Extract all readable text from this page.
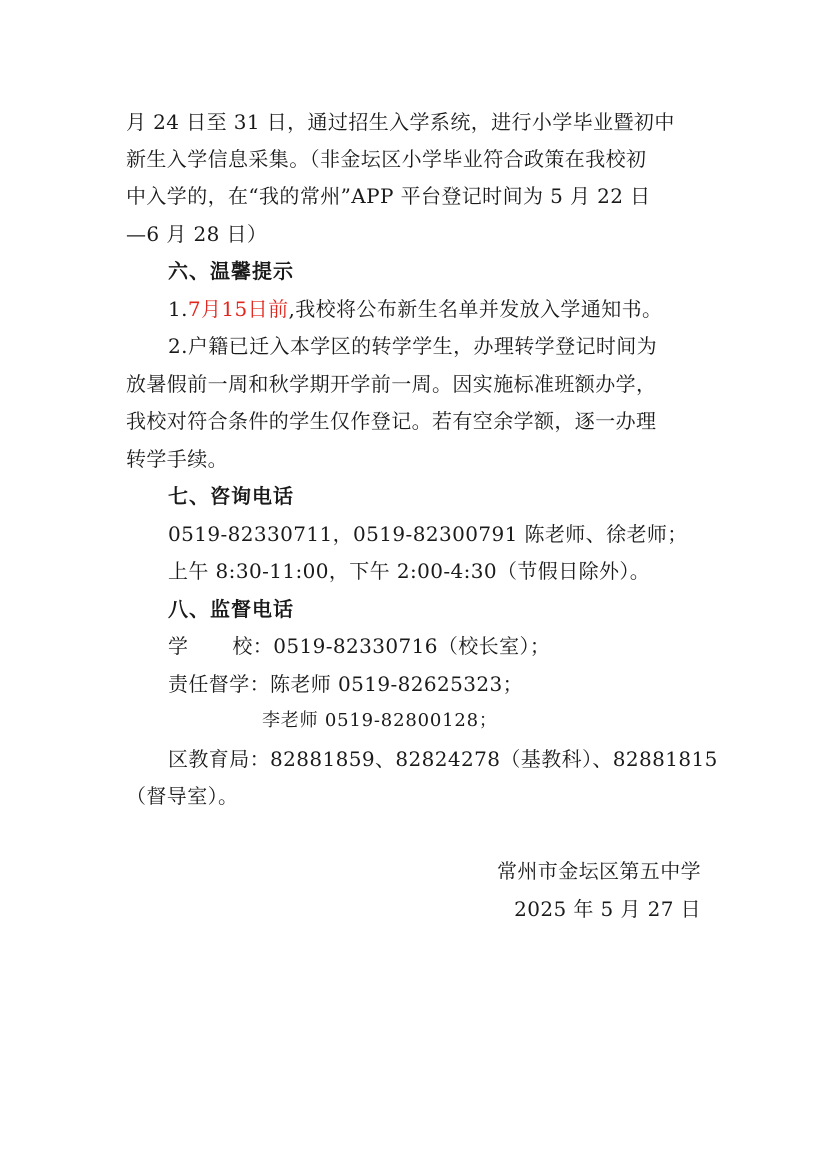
月 24 日至 31 日，通过招生入学系统，进行小学毕业暨初中
新生入学信息采集。（非金坛区小学毕业符合政策在我校初
中入学的，在“我的常州”APP 平台登记时间为 5 月 22 日
—6 月 28 日）
六、温馨提示
1.7月15日前,我校将公布新生名单并发放入学通知书。
2.户籍已迁入本学区的转学学生，办理转学登记时间为
放暑假前一周和秋学期开学前一周。因实施标准班额办学，
我校对符合条件的学生仅作登记。若有空余学额，逐一办理
转学手续。
七、咨询电话
0519-82330711，0519-82300791 陈老师、徐老师；
上午 8:30-11:00，下午 2:00-4:30（节假日除外）。
八、监督电话
学 校：0519-82330716（校长室）；
责任督学：陈老师 0519-82625323；
李老师 0519-82800128；
区教育局：82881859、82824278（基教科）、82881815
（督导室）。
常州市金坛区第五中学
2025 年 5 月 27 日
